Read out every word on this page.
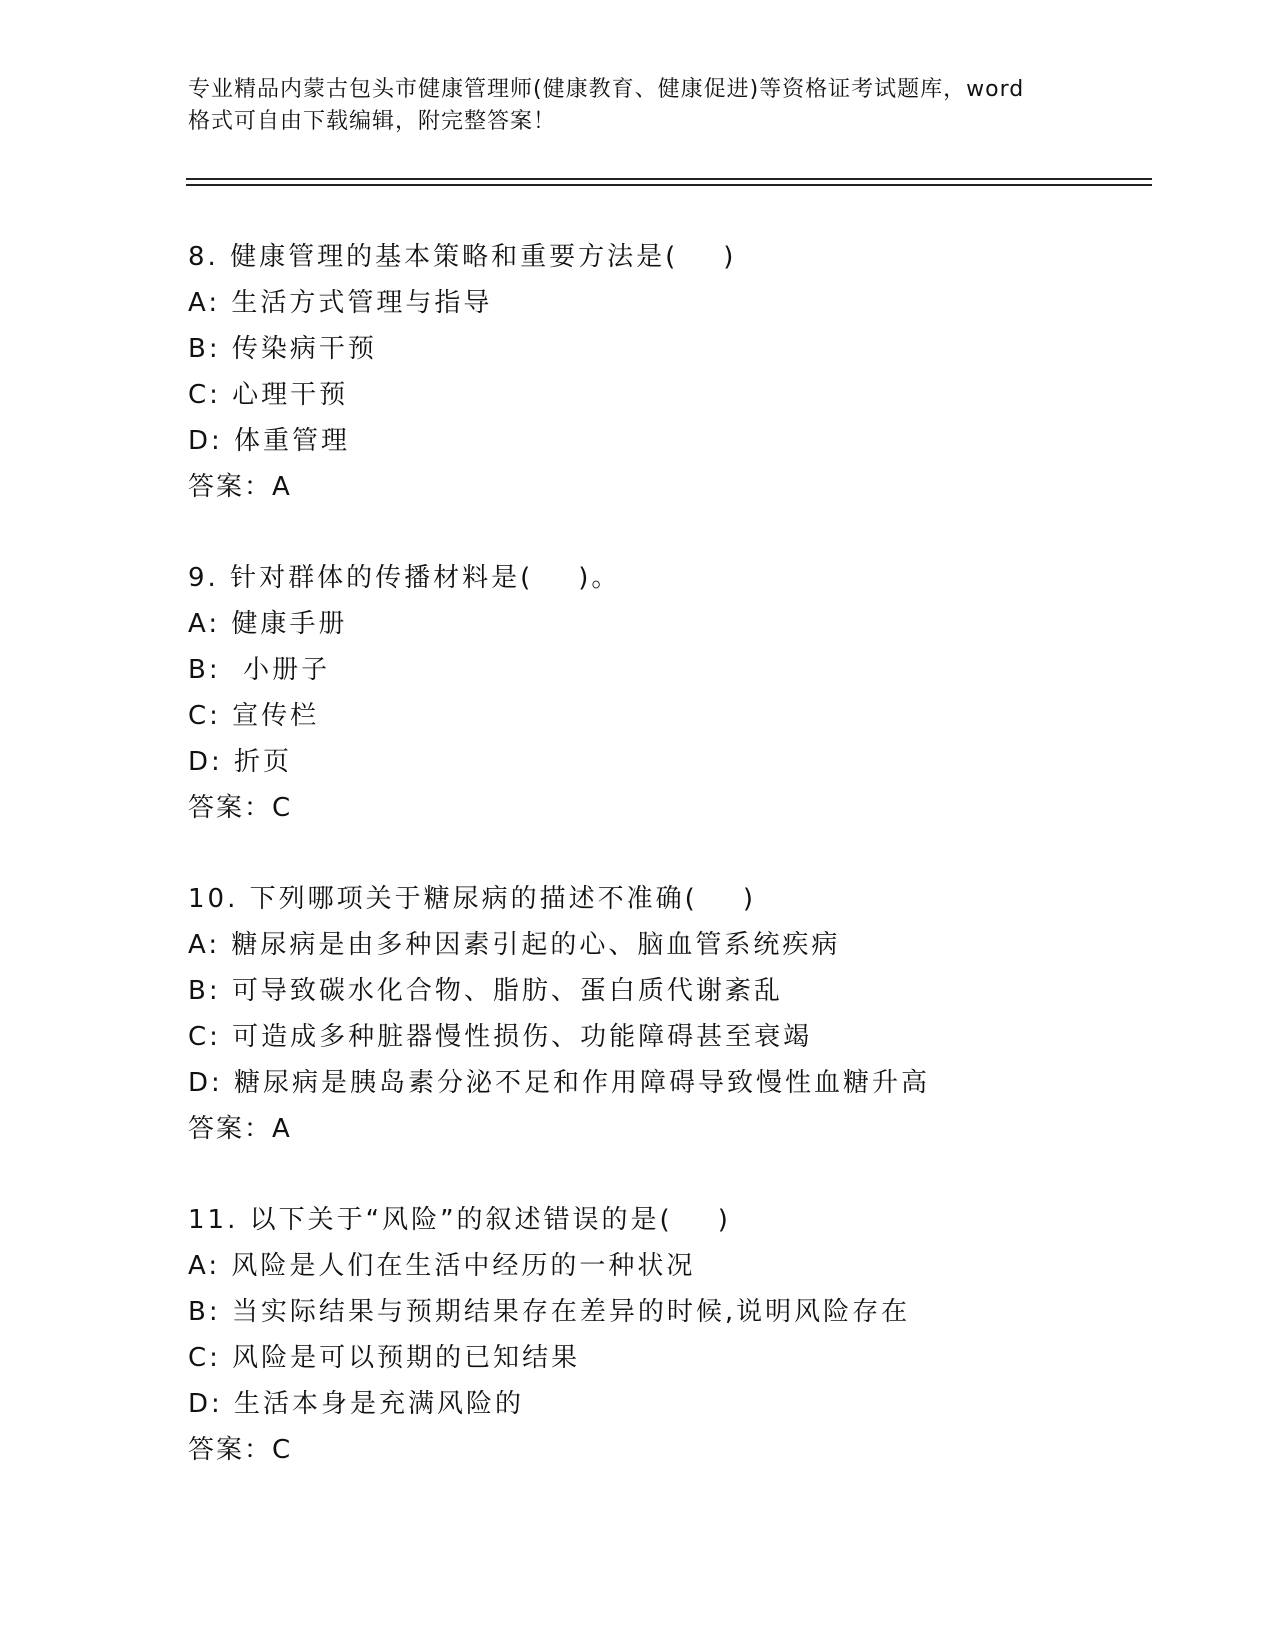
专业精品内蒙古包头市健康管理师(健康教育、健康促进)等资格证考试题库，word
格式可自由下载编辑，附完整答案！
8. 健康管理的基本策略和重要方法是(    )
A: 生活方式管理与指导
B: 传染病干预
C: 心理干预
D: 体重管理
答案：A
9. 针对群体的传播材料是(    )。
A: 健康手册
B:  小册子
C: 宣传栏
D: 折页
答案：C
10. 下列哪项关于糖尿病的描述不准确(    )
A: 糖尿病是由多种因素引起的心、脑血管系统疾病
B: 可导致碳水化合物、脂肪、蛋白质代谢紊乱
C: 可造成多种脏器慢性损伤、功能障碍甚至衰竭
D: 糖尿病是胰岛素分泌不足和作用障碍导致慢性血糖升高
答案：A
11. 以下关于“风险”的叙述错误的是(    )
A: 风险是人们在生活中经历的一种状况
B: 当实际结果与预期结果存在差异的时候,说明风险存在
C: 风险是可以预期的已知结果
D: 生活本身是充满风险的
答案：C
